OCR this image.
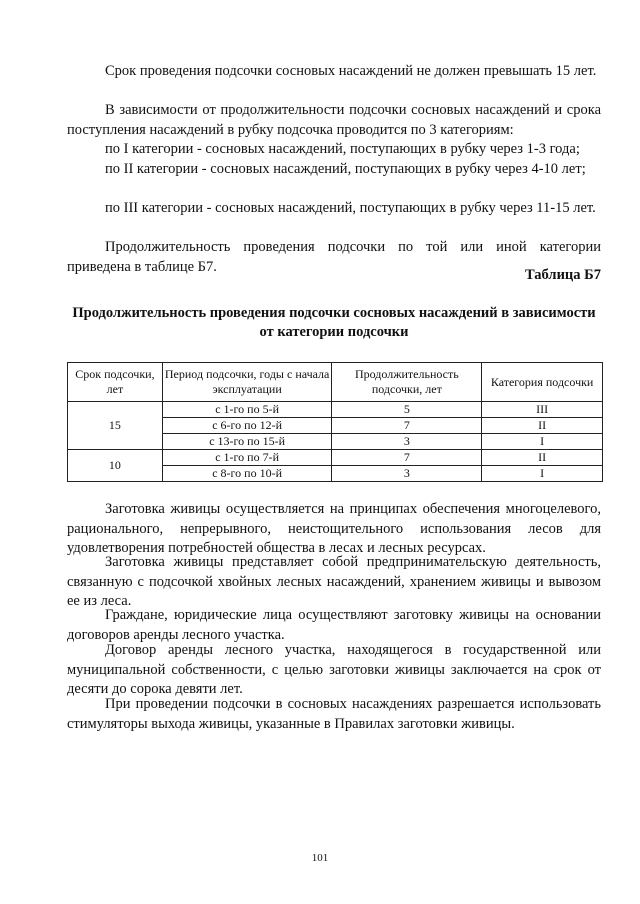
Срок проведения подсочки сосновых насаждений не должен превышать 15 лет.
В зависимости от продолжительности подсочки сосновых насаждений и срока поступления насаждений в рубку подсочка проводится по 3 категориям:
по I категории - сосновых насаждений, поступающих в рубку через 1-3 года;
по II категории - сосновых насаждений, поступающих в рубку через 4-10 лет;
по III категории - сосновых насаждений, поступающих в рубку через 11-15 лет.
Продолжительность проведения подсочки по той или иной категории приведена в таблице Б7.
Таблица Б7
Продолжительность проведения подсочки сосновых насаждений в зависимости от категории подсочки
Срок подсочки, лет	Период подсочки, годы с начала эксплуатации	Продолжительность подсочки, лет	Категория подсочки
15	с 1-го по 5-й	5	III
	с 6-го по 12-й	7	II
	с 13-го по 15-й	3	I
10	с 1-го по 7-й	7	II
	с 8-го по 10-й	3	I
Заготовка живицы осуществляется на принципах обеспечения многоцелевого, рационального, непрерывного, неистощительного использования лесов для удовлетворения потребностей общества в лесах и лесных ресурсах.
Заготовка живицы представляет собой предпринимательскую деятельность, связанную с подсочкой хвойных лесных насаждений, хранением живицы и вывозом ее из леса.
Граждане, юридические лица осуществляют заготовку живицы на основании договоров аренды лесного участка.
Договор аренды лесного участка, находящегося в государственной или муниципальной собственности, с целью заготовки живицы заключается на срок от десяти до сорока девяти лет.
При проведении подсочки в сосновых насаждениях разрешается использовать стимуляторы выхода живицы, указанные в Правилах заготовки живицы.
101
